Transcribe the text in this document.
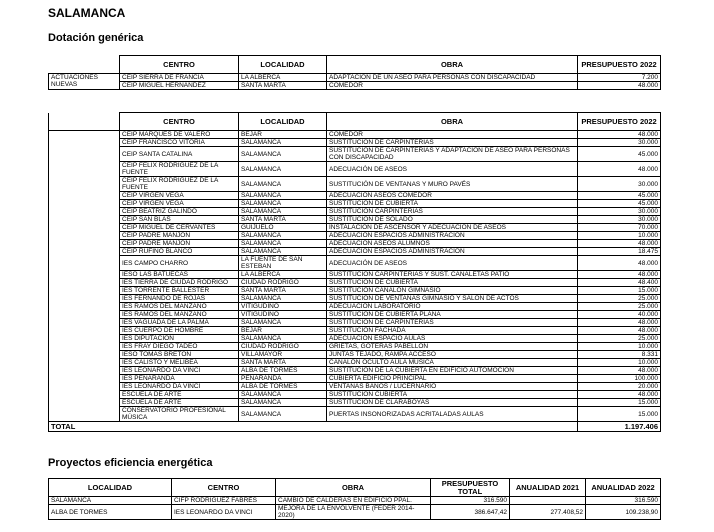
SALAMANCA
Dotación genérica
	CENTRO	LOCALIDAD	OBRA	PRESUPUESTO 2022
ACTUACIONES NUEVAS	CEIP SIERRA DE FRANCIA	LA ALBERCA	ADAPTACIÓN DE UN ASEO PARA PERSONAS CON DISCAPACIDAD	7.200
	CEIP MIGUEL HERNANDEZ	SANTA MARTA	COMEDOR	48.000
	CENTRO	LOCALIDAD	OBRA	PRESUPUESTO 2022
	CEIP MARQUES DE VALERO	BEJAR	COMEDOR	48.000
	CEIP FRANCISCO VITORIA	SALAMANCA	SUSTITUCIÓN DE CARPINTERIAS	30.000
	CEIP SANTA CATALINA	SALAMANCA	SUSTITUCIÓN DE CARPINTERIAS Y ADAPTACIÓN DE ASEO PARA PERSONAS CON DISCAPACIDAD	45.000
	CEIP FELIX RODRIGUEZ DE LA FUENTE	SALAMANCA	ADECUACIÓN DE ASEOS	48.000
	CEIP FELIX RODRIGUEZ DE LA FUENTE	SALAMANCA	SUSTITUCIÓN DE VENTANAS Y MURO PAVÉS	30.000
	CEIP VIRGEN VEGA	SALAMANCA	ADECUACIÓN ASEOS COMEDOR	45.000
	CEIP VIRGEN VEGA	SALAMANCA	SUSTITUCIÓN DE CUBIERTA	45.000
	CEIP BEATRIZ GALINDO	SALAMANCA	SUSTITUCIÓN CARPINTERIAS	30.000
	CEIP SAN BLAS	SANTA MARTA	SUSTITUCIÓN DE SOLADO	30.000
	CEIP MIGUEL DE CERVANTES	GUIJUELO	INSTALACIÓN DE ASCENSOR Y ADECUACIÓN DE ASEOS	70.000
	CEIP PADRE MANJÓN	SALAMANCA	ADECUACIÓN ESPACIOS ADMINISTRACIÓN	10.000
	CEIP PADRE MANJÓN	SALAMANCA	ADECUACIÓN ASEOS ALUMNOS	48.000
	CEIP RUFINO BLANCO	SALAMANCA	ADECUACIÓN ESPACIOS ADMINISTRACIÓN	18.475
	IES CAMPO CHARRO	LA FUENTE DE SAN ESTEBAN	ADECUACIÓN DE ASEOS	48.000
	IESO LAS BATUECAS	LA ALBERCA	SUSTITUCIÓN CARPINTERIAS Y SUST. CANALETAS PATIO	48.000
	IES TIERRA DE CIUDAD RODRIGO	CIUDAD RODRIGO	SUSTITUCIÓN DE CUBIERTA	48.400
	IES TORRENTE BALLESTER	SANTA MARTA	SUSTITUCIÓN CANALÓN GIMNASIO	15.000
	IES FERNANDO DE ROJAS	SALAMANCA	SUSTITUCIÓN DE VENTANAS GIMNASIO Y SALÓN DE ACTOS	25.000
	IES RAMOS DEL MANZANO	VITIGUDINO	ADECUACIÓN LABORATORIO	25.000
	IES RAMOS DEL MANZANO	VITIGUDINO	SUSTITUCIÓN DE CUBIERTA PLANA	40.000
	IES VAGUADA DE LA PALMA	SALAMANCA	SUSTITUCIÓN DE CARPINTERIAS	48.000
	IES CUERPO DE HOMBRE	BEJAR	SUSTITUCIÓN FACHADA	48.000
	IES DIPUTACIÓN	SALAMANCA	ADECUACIÓN ESPACIO AULAS	25.000
	IES FRAY DIEGO TADEO	CIUDAD RODRIGO	GRIETAS, GOTERAS PABELLÓN	10.000
	IESO TOMAS BRETÓN	VILLAMAYOR	JUNTAS TEJADO, RAMPA ACCESO	8.331
	IES CALISTO Y MELIBEA	SANTA MARTA	CANALÓN OCULTO AULA MÚSICA	10.000
	IES LEONARDO DA VINCI	ALBA DE TORMES	SUSTITUCIÓN DE LA CUBIERTA EN EDIFICIO AUTOMOCIÓN	48.000
	IES PEÑARANDA	PEÑARANDA	CUBIERTA EDIFICIO PRINCIPAL	100.000
	IES LEONARDO DA VINCI	ALBA DE TORMES	VENTANAS BAÑOS / LUCERNARIO	20.000
	ESCUELA DE ARTE	SALAMANCA	SUSTITUCIÓN CUBIERTA	48.000
	ESCUELA DE ARTE	SALAMANCA	SUSTITUCIÓN DE CLARABOYAS	15.000
	CONSERVATORIO PROFESIONAL MÚSICA	SALAMANCA	PUERTAS INSONORIZADAS ACRITALADAS AULAS	15.000
TOTAL				1.197.406
Proyectos eficiencia energética
LOCALIDAD	CENTRO	OBRA	PRESUPUESTO TOTAL	ANUALIDAD 2021	ANUALIDAD 2022
SALAMANCA	CIFP RODRIGUEZ FABRÉS	CAMBIO DE CALDERAS EN EDIFICIO PPAL.	316.590		316.590
ALBA DE TORMES	IES LEONARDO DA VINCI	MEJORA DE LA ENVOLVENTE (FEDER 2014-2020)	386.647,42	277.408,52	109.238,90
